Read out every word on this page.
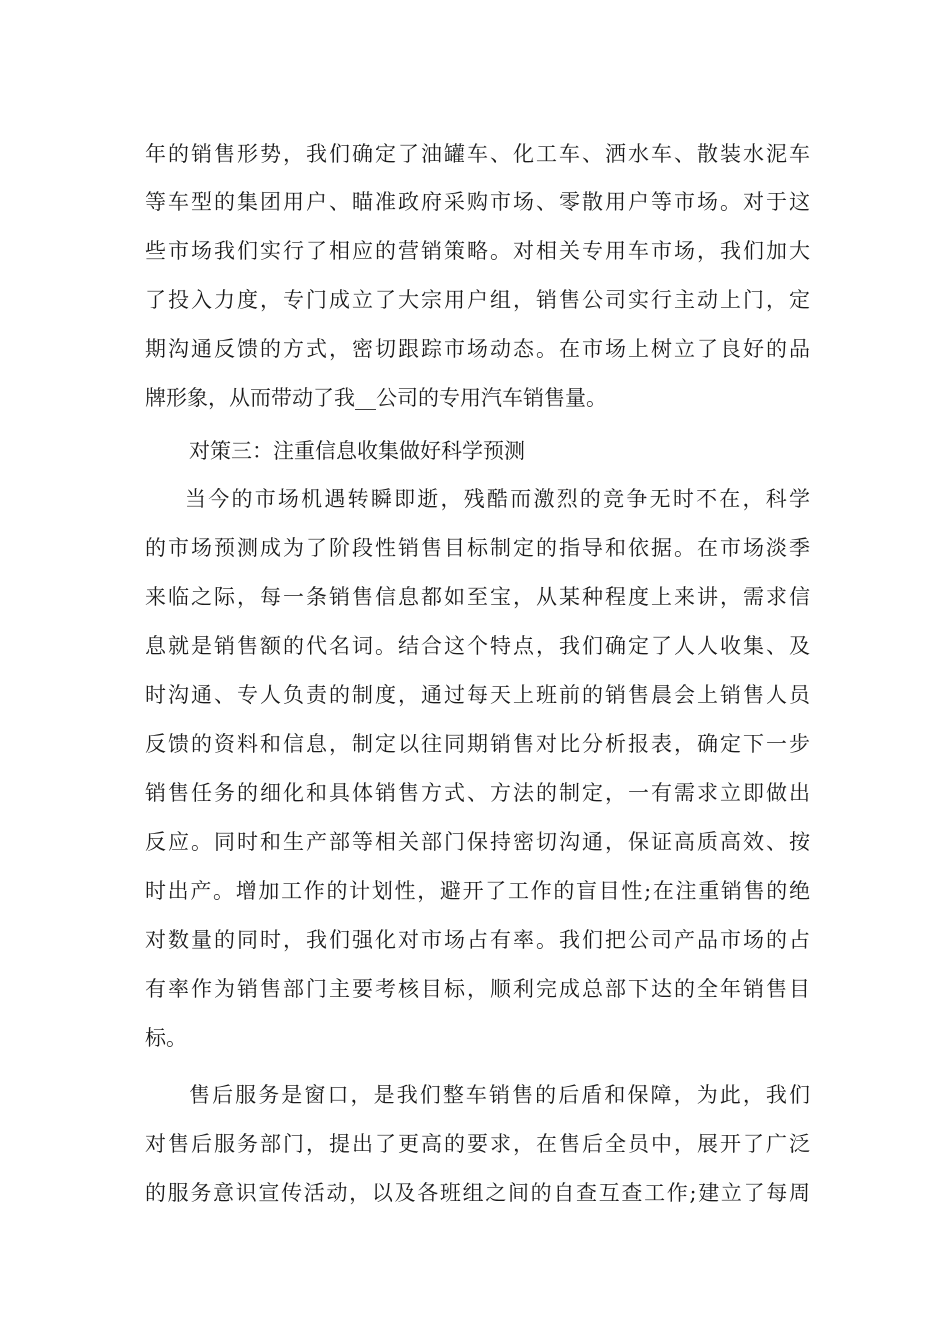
年的销售形势，我们确定了油罐车、化工车、洒水车、散装水泥车
等车型的集团用户、瞄准政府采购市场、零散用户等市场。对于这
些市场我们实行了相应的营销策略。对相关专用车市场，我们加大
了投入力度，专门成立了大宗用户组，销售公司实行主动上门，定
期沟通反馈的方式，密切跟踪市场动态。在市场上树立了良好的品
牌形象，从而带动了我__公司的专用汽车销售量。
对策三：注重信息收集做好科学预测
当今的市场机遇转瞬即逝，残酷而激烈的竞争无时不在，科学
的市场预测成为了阶段性销售目标制定的指导和依据。在市场淡季
来临之际，每一条销售信息都如至宝，从某种程度上来讲，需求信
息就是销售额的代名词。结合这个特点，我们确定了人人收集、及
时沟通、专人负责的制度，通过每天上班前的销售晨会上销售人员
反馈的资料和信息，制定以往同期销售对比分析报表，确定下一步
销售任务的细化和具体销售方式、方法的制定，一有需求立即做出
反应。同时和生产部等相关部门保持密切沟通，保证高质高效、按
时出产。增加工作的计划性，避开了工作的盲目性;在注重销售的绝
对数量的同时，我们强化对市场占有率。我们把公司产品市场的占
有率作为销售部门主要考核目标，顺利完成总部下达的全年销售目
标。
售后服务是窗口，是我们整车销售的后盾和保障，为此，我们
对售后服务部门，提出了更高的要求，在售后全员中，展开了广泛
的服务意识宣传活动，以及各班组之间的自查互查工作;建立了每周
